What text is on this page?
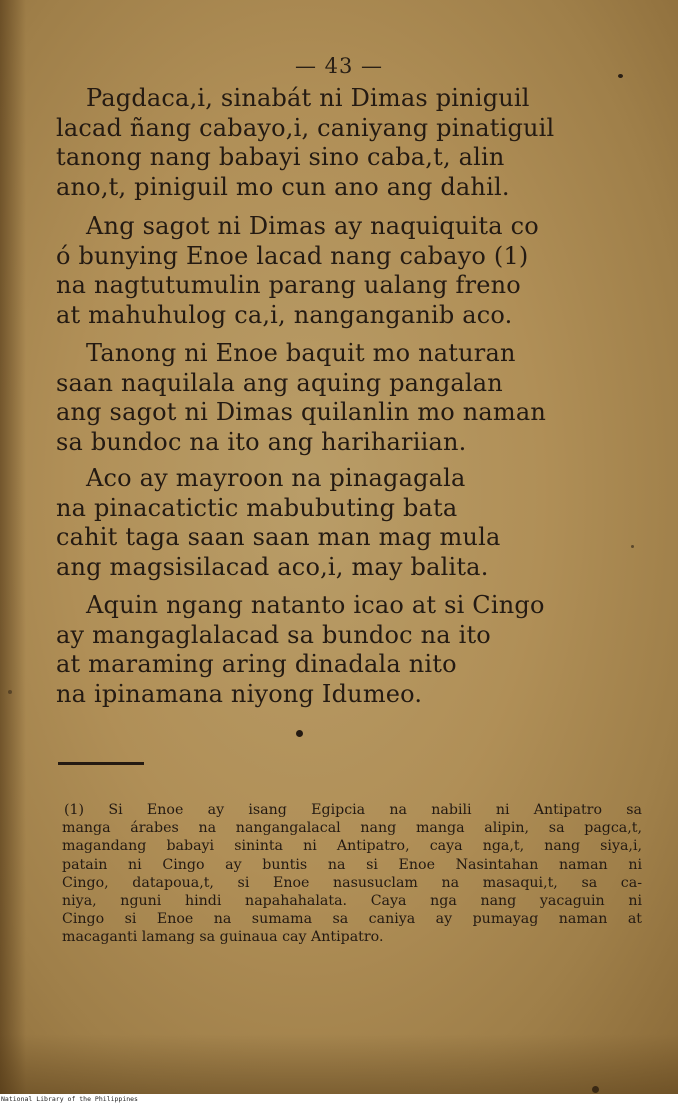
— 43 —
Pagdaca,i, sinabát ni Dimas piniguil
lacad ñang cabayo,i, caniyang pinatiguil
tanong nang babayi sino caba,t, alin
ano,t, piniguil mo cun ano ang dahil.
Ang sagot ni Dimas ay naquiquita co
ó bunying Enoe lacad nang cabayo (1)
na nagtutumulin parang ualang freno
at mahuhulog ca,i, nanganganib aco.
Tanong ni Enoe baquit mo naturan
saan naquilala ang aquing pangalan
ang sagot ni Dimas quilanlin mo naman
sa bundoc na ito ang harihariian.
Aco ay mayroon na pinagagala
na pinacatictic mabubuting bata
cahit taga saan saan man mag mula
ang magsisilacad aco,i, may balita.
Aquin ngang natanto icao at si Cingo
ay mangaglalacad sa bundoc na ito
at maraming aring dinadala nito
na ipinamana niyong Idumeo.
(1) Si Enoe ay isang Egipcia na nabili ni Antipatro sa
manga árabes na nangangalacal nang manga alipin, sa pagca,t,
magandang babayi sininta ni Antipatro, caya nga,t, nang siya,i,
patain ni Cingo ay buntis na si Enoe Nasintahan naman ni
Cingo, datapoua,t, si Enoe nasusuclam na masaqui,t, sa ca-
niya, nguni hindi napahahalata. Caya nga nang yacaguin ni
Cingo si Enoe na sumama sa caniya ay pumayag naman at
macaganti lamang sa guinaua cay Antipatro.
National Library of the Philippines
